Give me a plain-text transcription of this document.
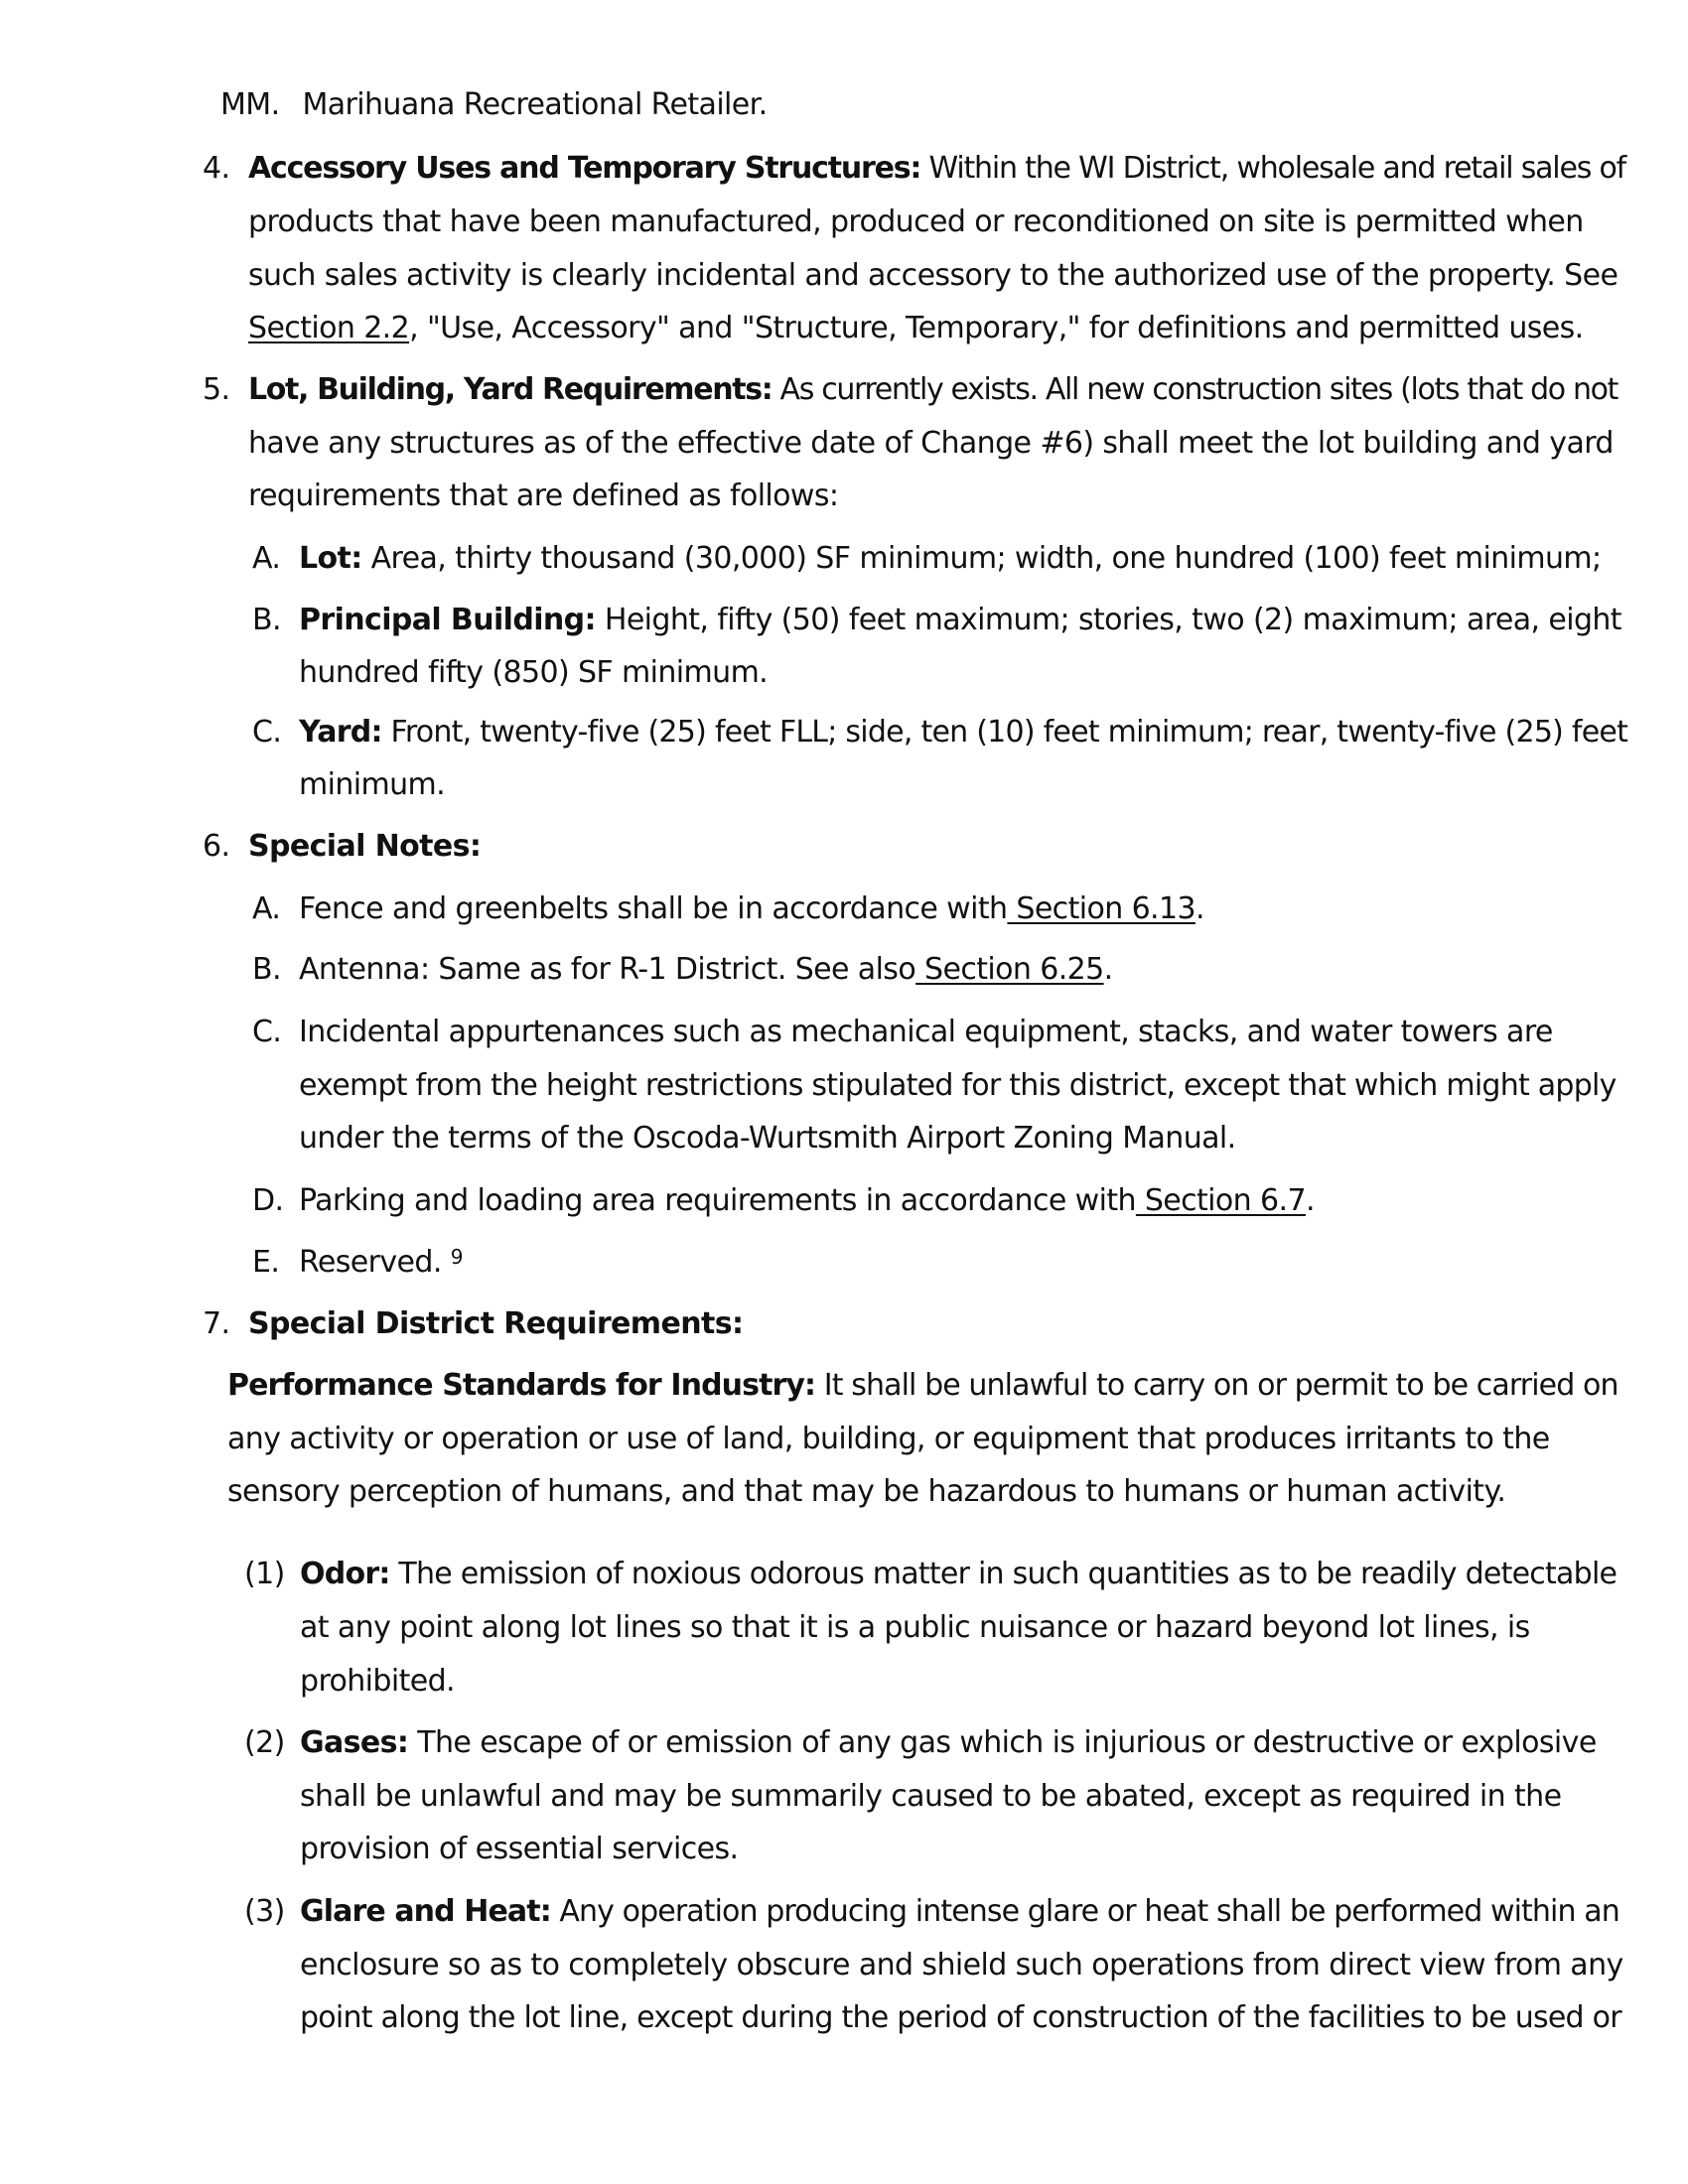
MM. Marihuana Recreational Retailer.
4. Accessory Uses and Temporary Structures: Within the WI District, wholesale and retail sales of
products that have been manufactured, produced or reconditioned on site is permitted when
such sales activity is clearly incidental and accessory to the authorized use of the property. See
Section 2.2, "Use, Accessory" and "Structure, Temporary," for definitions and permitted uses.
5. Lot, Building, Yard Requirements: As currently exists. All new construction sites (lots that do not
have any structures as of the effective date of Change #6) shall meet the lot building and yard
requirements that are defined as follows:
A. Lot: Area, thirty thousand (30,000) SF minimum; width, one hundred (100) feet minimum;
B. Principal Building: Height, fifty (50) feet maximum; stories, two (2) maximum; area, eight
hundred fifty (850) SF minimum.
C. Yard: Front, twenty-five (25) feet FLL; side, ten (10) feet minimum; rear, twenty-five (25) feet
minimum.
6. Special Notes:
A. Fence and greenbelts shall be in accordance with Section 6.13.
B. Antenna: Same as for R-1 District. See also Section 6.25.
C. Incidental appurtenances such as mechanical equipment, stacks, and water towers are
exempt from the height restrictions stipulated for this district, except that which might apply
under the terms of the Oscoda-Wurtsmith Airport Zoning Manual.
D. Parking and loading area requirements in accordance with Section 6.7.
E. Reserved. $^9$
7. Special District Requirements:
Performance Standards for Industry: It shall be unlawful to carry on or permit to be carried on
any activity or operation or use of land, building, or equipment that produces irritants to the
sensory perception of humans, and that may be hazardous to humans or human activity.
(1) Odor: The emission of noxious odorous matter in such quantities as to be readily detectable
at any point along lot lines so that it is a public nuisance or hazard beyond lot lines, is
prohibited.
(2) Gases: The escape of or emission of any gas which is injurious or destructive or explosive
shall be unlawful and may be summarily caused to be abated, except as required in the
provision of essential services.
(3) Glare and Heat: Any operation producing intense glare or heat shall be performed within an
enclosure so as to completely obscure and shield such operations from direct view from any
point along the lot line, except during the period of construction of the facilities to be used or
